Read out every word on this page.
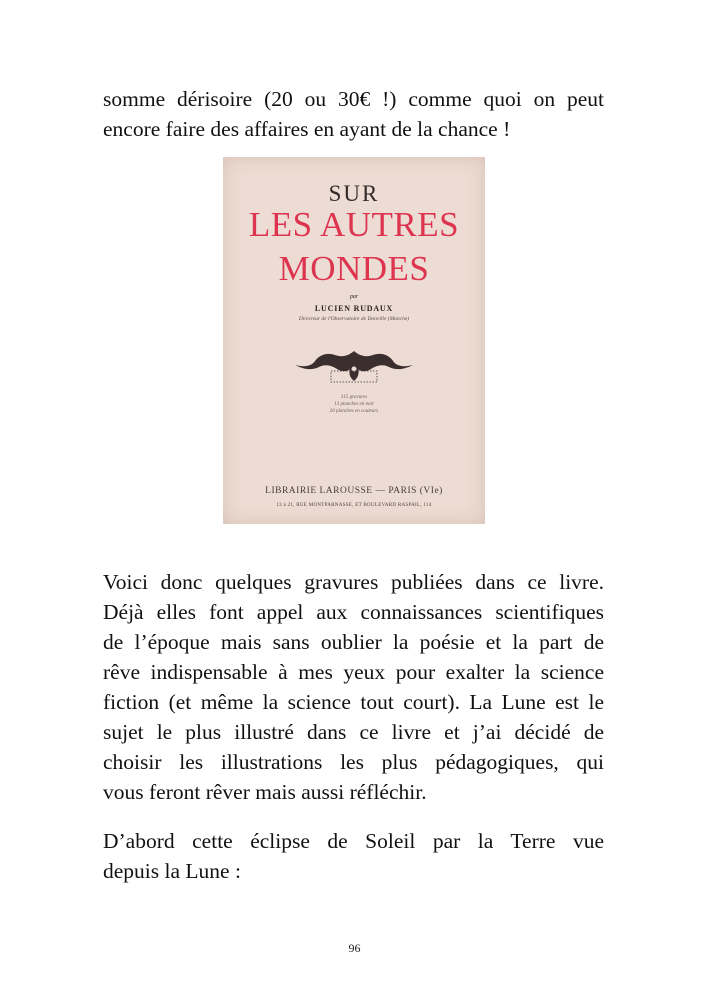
somme dérisoire (20 ou 30€ !) comme quoi on peut
encore faire des affaires en ayant de la chance !
SUR
LES AUTRES
MONDES
par
LUCIEN RUDAUX
Directeur de l'Observatoire de Donville (Manche)
315 gravures
13 planches en noir
20 planches en couleurs
LIBRAIRIE LAROUSSE — PARIS (VIe)
13 à 21, RUE MONTPARNASSE, ET BOULEVARD RASPAIL, 114
Voici donc quelques gravures publiées dans ce livre.
Déjà elles font appel aux connaissances scientifiques
de l’époque mais sans oublier la poésie et la part de
rêve indispensable à mes yeux pour exalter la science
fiction (et même la science tout court). La Lune est le
sujet le plus illustré dans ce livre et j’ai décidé de
choisir les illustrations les plus pédagogiques, qui
vous feront rêver mais aussi réfléchir.
D’abord cette éclipse de Soleil par la Terre vue
depuis la Lune :
96
